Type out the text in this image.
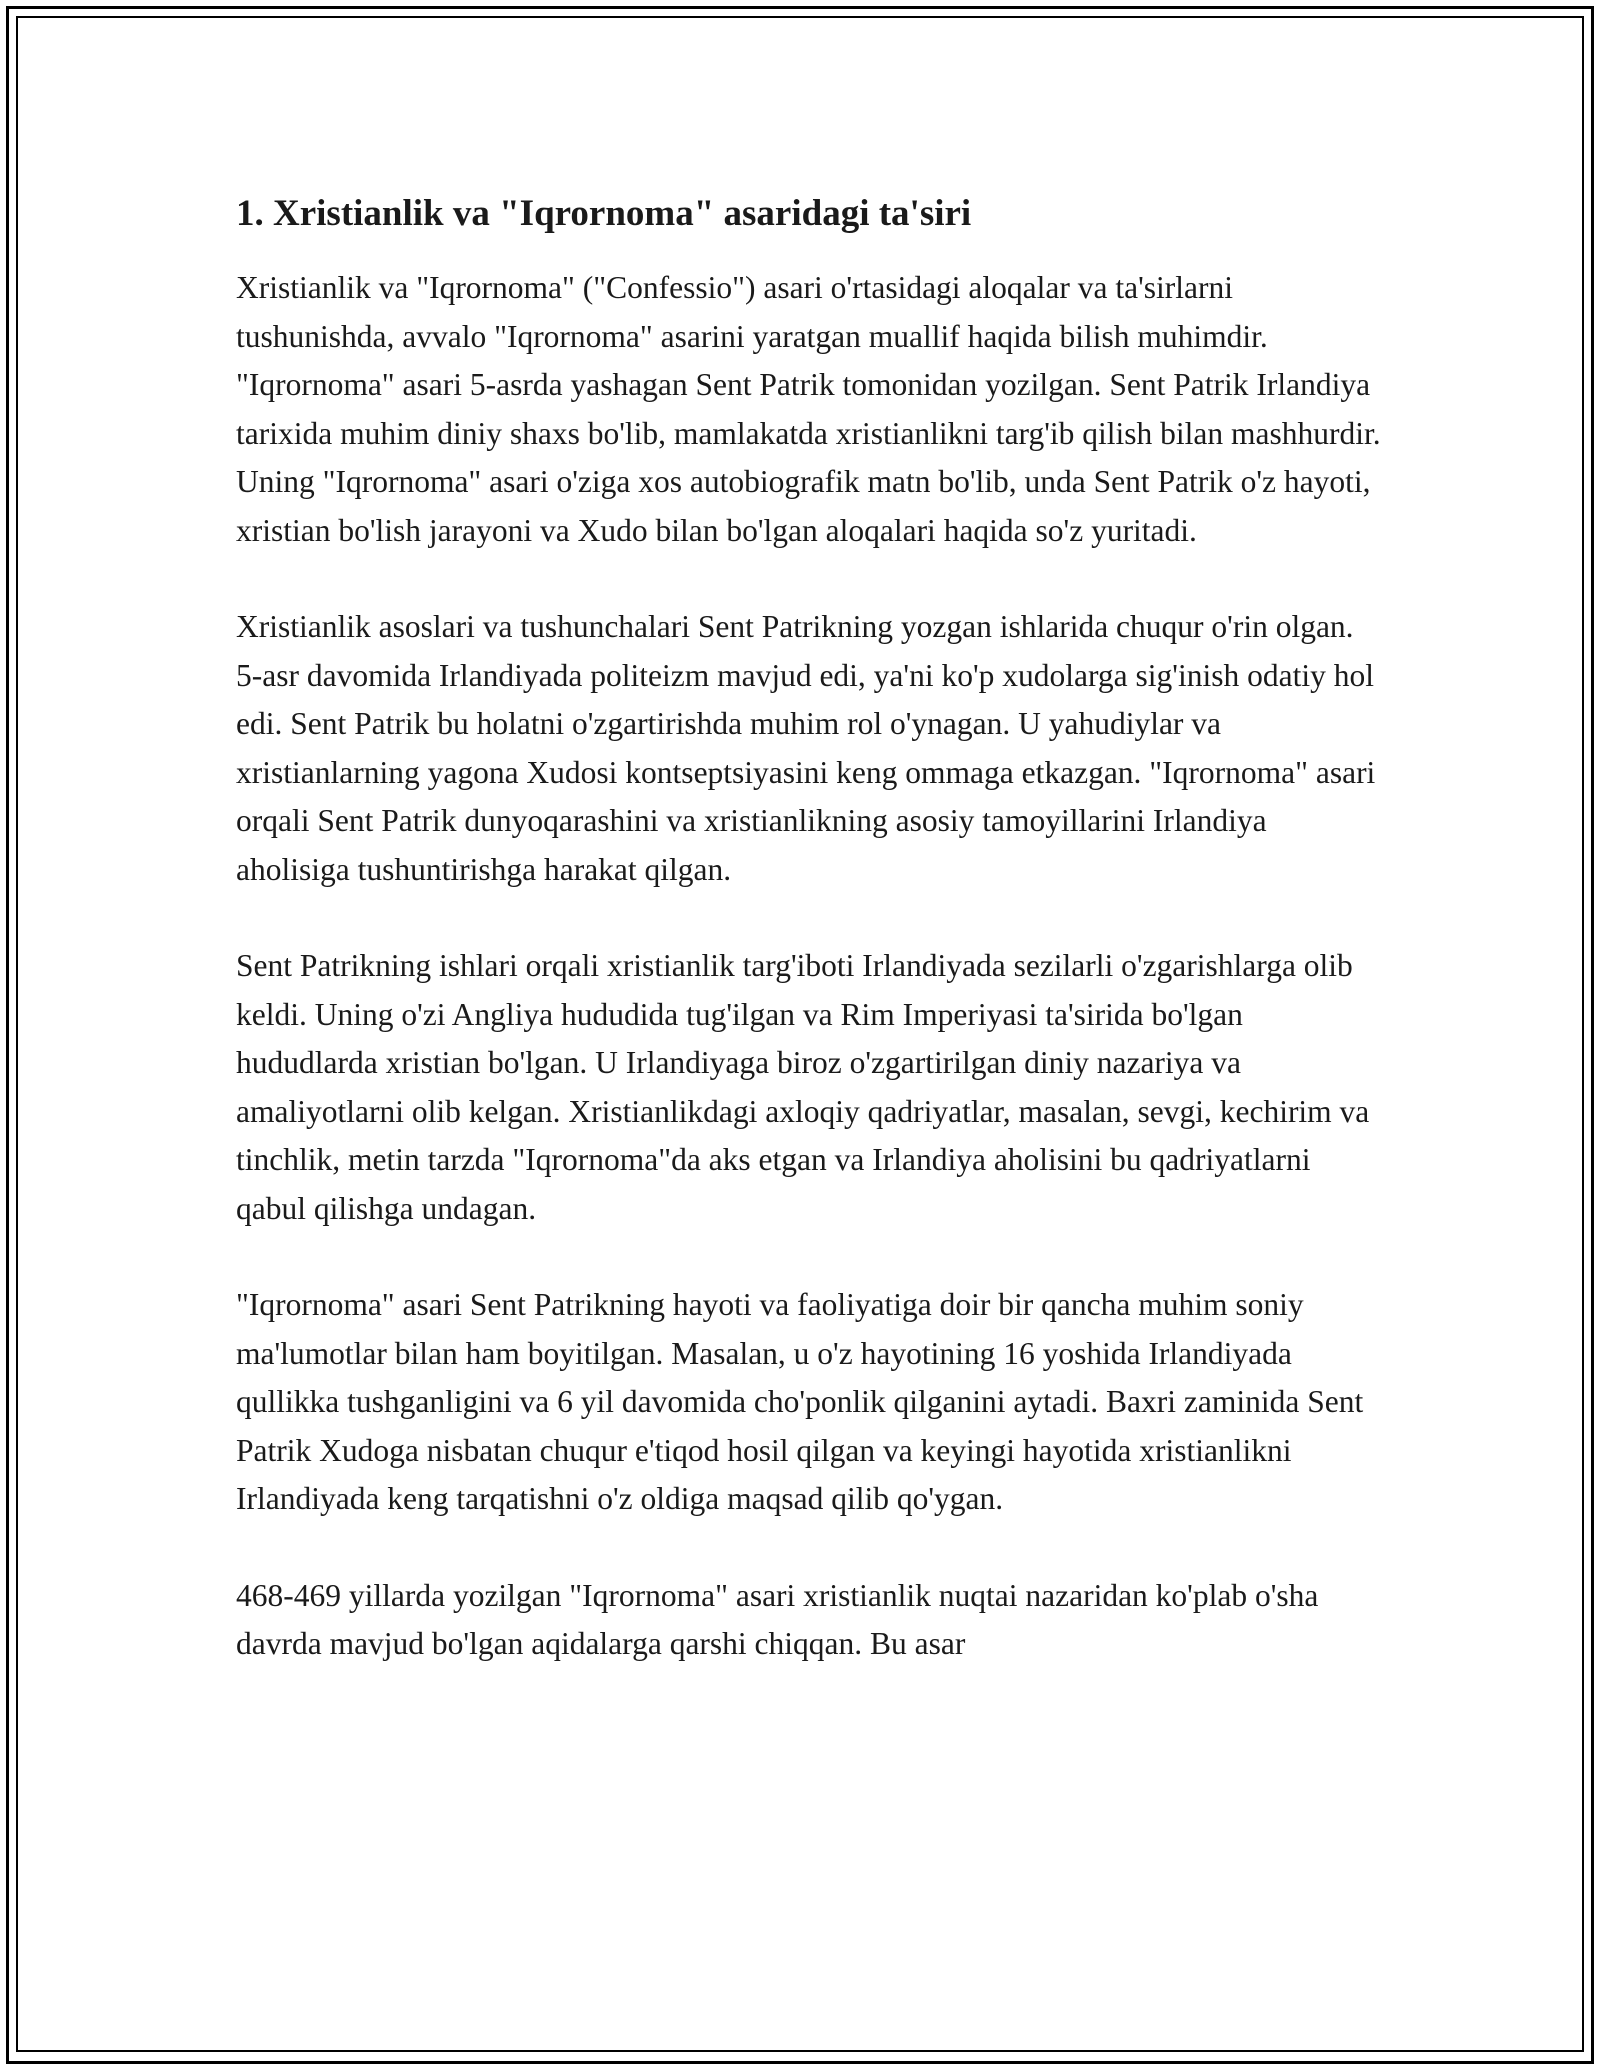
1. Xristianlik va "Iqrornoma" asaridagi ta'siri

Xristianlik va "Iqrornoma" ("Confessio") asari o'rtasidagi aloqalar va ta'sirlarni tushunishda, avvalo "Iqrornoma" asarini yaratgan muallif haqida bilish muhimdir. "Iqrornoma" asari 5-asrda yashagan Sent Patrik tomonidan yozilgan. Sent Patrik Irlandiya tarixida muhim diniy shaxs bo'lib, mamlakatda xristianlikni targ'ib qilish bilan mashhurdir. Uning "Iqrornoma" asari o'ziga xos autobiografik matn bo'lib, unda Sent Patrik o'z hayoti, xristian bo'lish jarayoni va Xudo bilan bo'lgan aloqalari haqida so'z yuritadi.

Xristianlik asoslari va tushunchalari Sent Patrikning yozgan ishlarida chuqur o'rin olgan. 5-asr davomida Irlandiyada politeizm mavjud edi, ya'ni ko'p xudolarga sig'inish odatiy hol edi. Sent Patrik bu holatni o'zgartirishda muhim rol o'ynagan. U yahudiylar va xristianlarning yagona Xudosi kontseptsiyasini keng ommaga etkazgan. "Iqrornoma" asari orqali Sent Patrik dunyoqarashini va xristianlikning asosiy tamoyillarini Irlandiya aholisiga tushuntirishga harakat qilgan.

Sent Patrikning ishlari orqali xristianlik targ'iboti Irlandiyada sezilarli o'zgarishlarga olib keldi. Uning o'zi Angliya hududida tug'ilgan va Rim Imperiyasi ta'sirida bo'lgan hududlarda xristian bo'lgan. U Irlandiyaga biroz o'zgartirilgan diniy nazariya va amaliyotlarni olib kelgan. Xristianlikdagi axloqiy qadriyatlar, masalan, sevgi, kechirim va tinchlik, metin tarzda "Iqrornoma"da aks etgan va Irlandiya aholisini bu qadriyatlarni qabul qilishga undagan.

"Iqrornoma" asari Sent Patrikning hayoti va faoliyatiga doir bir qancha muhim soniy ma'lumotlar bilan ham boyitilgan. Masalan, u o'z hayotining 16 yoshida Irlandiyada qullikka tushganligini va 6 yil davomida cho'ponlik qilganini aytadi. Baxri zaminida Sent Patrik Xudoga nisbatan chuqur e'tiqod hosil qilgan va keyingi hayotida xristianlikni Irlandiyada keng tarqatishni o'z oldiga maqsad qilib qo'ygan.

468-469 yillarda yozilgan "Iqrornoma" asari xristianlik nuqtai nazaridan ko'plab o'sha davrda mavjud bo'lgan aqidalarga qarshi chiqqan. Bu asar
